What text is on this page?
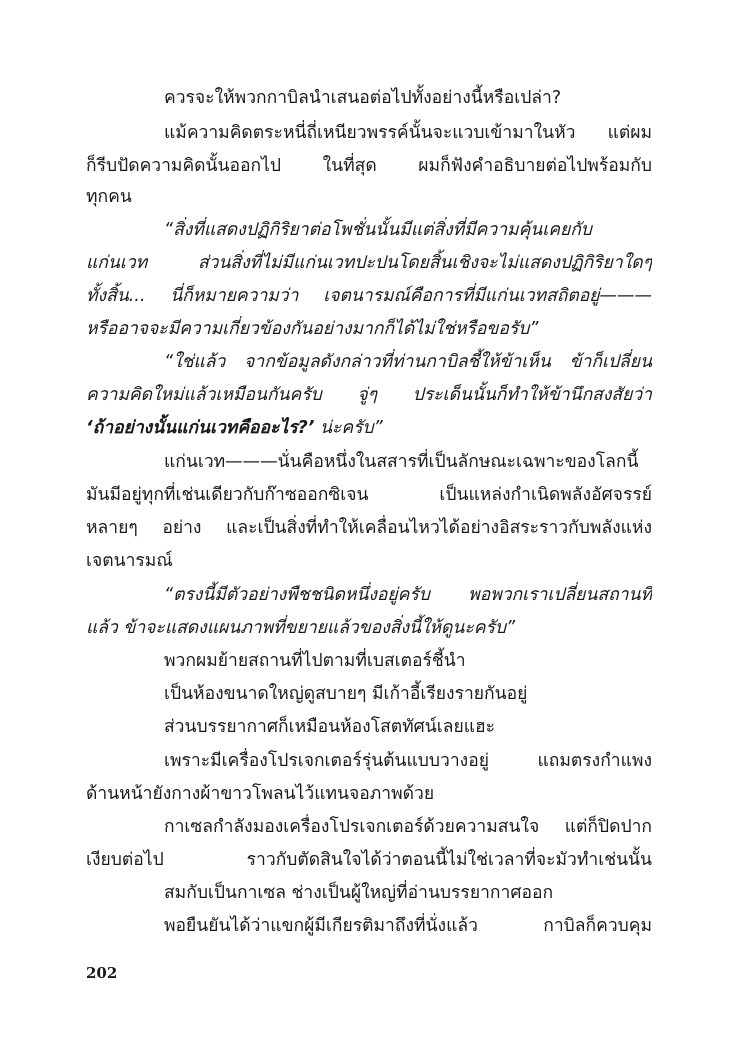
ควรจะให้พวกกาบิลนำเสนอต่อไปทั้งอย่างนี้หรือเปล่า?
แม้ความคิดตระหนี่ถี่เหนียวพรรค์นั้นจะแวบเข้ามาในหัว แต่ผม
ก็รีบปัดความคิดนั้นออกไป ในที่สุด ผมก็ฟังคำอธิบายต่อไปพร้อมกับ
ทุกคน
“สิ่งที่แสดงปฏิกิริยาต่อโพชั่นนั้นมีแต่สิ่งที่มีความคุ้นเคยกับ
แก่นเวท ส่วนสิ่งที่ไม่มีแก่นเวทปะปนโดยสิ้นเชิงจะไม่แสดงปฏิกิริยาใดๆ
ทั้งสิ้น... นี่ก็หมายความว่า เจตนารมณ์คือการที่มีแก่นเวทสถิตอยู่———
หรืออาจจะมีความเกี่ยวข้องกันอย่างมากก็ได้ไม่ใช่หรือขอรับ”
“ใช่แล้ว จากข้อมูลดังกล่าวที่ท่านกาบิลชี้ให้ข้าเห็น ข้าก็เปลี่ยน
ความคิดใหม่แล้วเหมือนกันครับ จู่ๆ ประเด็นนั้นก็ทำให้ข้านึกสงสัยว่า
‘ถ้าอย่างนั้นแก่นเวทคืออะไร?’ น่ะครับ”
แก่นเวท———นั่นคือหนึ่งในสสารที่เป็นลักษณะเฉพาะของโลกนี้
มันมีอยู่ทุกที่เช่นเดียวกับก๊าซออกซิเจน เป็นแหล่งกำเนิดพลังอัศจรรย์
หลายๆ อย่าง และเป็นสิ่งที่ทำให้เคลื่อนไหวได้อย่างอิสระราวกับพลังแห่ง
เจตนารมณ์
“ตรงนี้มีตัวอย่างพืชชนิดหนึ่งอยู่ครับ พอพวกเราเปลี่ยนสถานที่
แล้ว ข้าจะแสดงแผนภาพที่ขยายแล้วของสิ่งนี้ให้ดูนะครับ”
พวกผมย้ายสถานที่ไปตามที่เบสเตอร์ชี้นำ
เป็นห้องขนาดใหญ่ดูสบายๆ มีเก้าอี้เรียงรายกันอยู่
ส่วนบรรยากาศก็เหมือนห้องโสตทัศน์เลยแฮะ
เพราะมีเครื่องโปรเจกเตอร์รุ่นต้นแบบวางอยู่ แถมตรงกำแพง
ด้านหน้ายังกางผ้าขาวโพลนไว้แทนจอภาพด้วย
กาเซลกำลังมองเครื่องโปรเจกเตอร์ด้วยความสนใจ แต่ก็ปิดปาก
เงียบต่อไป ราวกับตัดสินใจได้ว่าตอนนี้ไม่ใช่เวลาที่จะมัวทำเช่นนั้น
สมกับเป็นกาเซล ช่างเป็นผู้ใหญ่ที่อ่านบรรยากาศออก
พอยืนยันได้ว่าแขกผู้มีเกียรติมาถึงที่นั่งแล้ว กาบิลก็ควบคุม
202
